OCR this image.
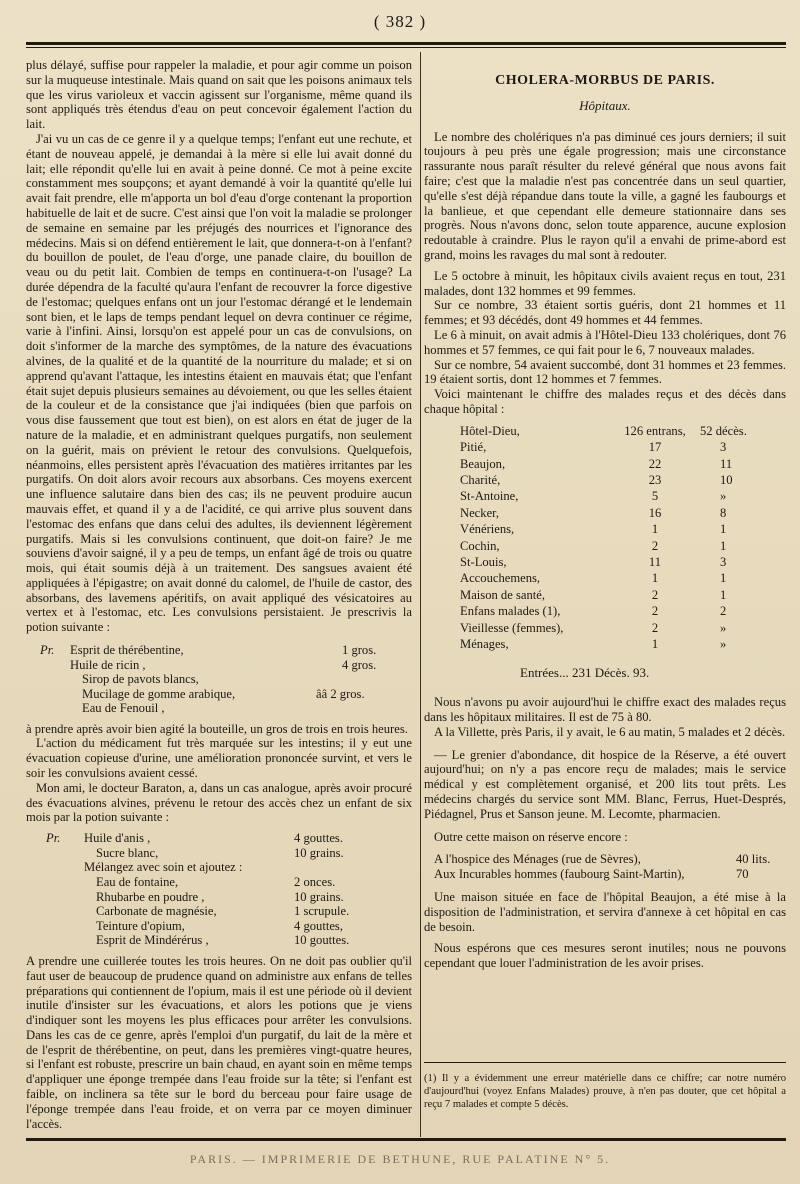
( 382 )

plus délayé, suffise pour rappeler la maladie, et pour agir comme un poison sur la muqueuse intestinale. Mais quand on sait que les poisons animaux tels que les virus varioleux et vaccin agissent sur l'organisme, même quand ils sont appliqués très étendus d'eau on peut concevoir également l'action du lait.

J'ai vu un cas de ce genre il y a quelque temps; l'enfant eut une rechute, et étant de nouveau appelé, je demandai à la mère si elle lui avait donné du lait; elle répondit qu'elle lui en avait à peine donné. Ce mot à peine excite constamment mes soupçons; et ayant demandé à voir la quantité qu'elle lui avait fait prendre, elle m'apporta un bol d'eau d'orge contenant la proportion habituelle de lait et de sucre. C'est ainsi que l'on voit la maladie se prolonger de semaine en semaine par les préjugés des nourrices et l'ignorance des médecins. Mais si on défend entièrement le lait, que donnera-t-on à l'enfant? du bouillon de poulet, de l'eau d'orge, une panade claire, du bouillon de veau ou du petit lait. Combien de temps en continuera-t-on l'usage? La durée dépendra de la faculté qu'aura l'enfant de recouvrer la force digestive de l'estomac; quelques enfans ont un jour l'estomac dérangé et le lendemain sont bien, et le laps de temps pendant lequel on devra continuer ce régime, varie à l'infini. Ainsi, lorsqu'on est appelé pour un cas de convulsions, on doit s'informer de la marche des symptômes, de la nature des évacuations alvines, de la qualité et de la quantité de la nourriture du malade; et si on apprend qu'avant l'attaque, les intestins étaient en mauvais état; que l'enfant était sujet depuis plusieurs semaines au dévoiement, ou que les selles étaient de la couleur et de la consistance que j'ai indiquées (bien que parfois on vous dise faussement que tout est bien), on est alors en état de juger de la nature de la maladie, et en administrant quelques purgatifs, non seulement on la guérit, mais on prévient le retour des convulsions. Quelquefois, néanmoins, elles persistent après l'évacuation des matières irritantes par les purgatifs. On doit alors avoir recours aux absorbans. Ces moyens exercent une influence salutaire dans bien des cas; ils ne peuvent produire aucun mauvais effet, et quand il y a de l'acidité, ce qui arrive plus souvent dans l'estomac des enfans que dans celui des adultes, ils deviennent légèrement purgatifs. Mais si les convulsions continuent, que doit-on faire? Je me souviens d'avoir saigné, il y a peu de temps, un enfant âgé de trois ou quatre mois, qui était soumis déjà à un traitement. Des sangsues avaient été appliquées à l'épigastre; on avait donné du calomel, de l'huile de castor, des absorbans, des lavemens apéritifs, on avait appliqué des vésicatoires au vertex et à l'estomac, etc. Les convulsions persistaient. Je prescrivis la potion suivante :

Pr.	Esprit de thérébentine,	1 gros.
Huile de ricin ,	4 gros.
Sirop de pavots blancs,
Mucilage de gomme arabique,	ââ 2 gros.
Eau de Fenouil ,

à prendre après avoir bien agité la bouteille, un gros de trois en trois heures.

L'action du médicament fut très marquée sur les intestins; il y eut une évacuation copieuse d'urine, une amélioration prononcée survint, et vers le soir les convulsions avaient cessé.

Mon ami, le docteur Baraton, a, dans un cas analogue, après avoir procuré des évacuations alvines, prévenu le retour des accès chez un enfant de six mois par la potion suivante :

Pr.	Huile d'anis ,	4 gouttes.
Sucre blanc,	10 grains.
Mélangez avec soin et ajoutez :
Eau de fontaine,	2 onces.
Rhubarbe en poudre ,	10 grains.
Carbonate de magnésie,	1 scrupule.
Teinture d'opium,	4 gouttes,
Esprit de Mindérérus ,	10 gouttes.

A prendre une cuillerée toutes les trois heures. On ne doit pas oublier qu'il faut user de beaucoup de prudence quand on administre aux enfans de telles préparations qui contiennent de l'opium, mais il est une période où il devient inutile d'insister sur les évacuations, et alors les potions que je viens d'indiquer sont les moyens les plus efficaces pour arrêter les convulsions. Dans les cas de ce genre, après l'emploi d'un purgatif, du lait de la mère et de l'esprit de thérébentine, on peut, dans les premières vingt-quatre heures, si l'enfant est robuste, prescrire un bain chaud, en ayant soin en même temps d'appliquer une éponge trempée dans l'eau froide sur la tête; si l'enfant est faible, on inclinera sa tête sur le bord du berceau pour faire usage de l'éponge trempée dans l'eau froide, et on verra par ce moyen diminuer l'accès.

CHOLERA-MORBUS DE PARIS.
Hôpitaux.

Le nombre des cholériques n'a pas diminué ces jours derniers; il suit toujours à peu près une égale progression; mais une circonstance rassurante nous paraît résulter du relevé général que nous avons fait faire; c'est que la maladie n'est pas concentrée dans un seul quartier, qu'elle s'est déjà répandue dans toute la ville, a gagné les faubourgs et la banlieue, et que cependant elle demeure stationnaire dans ses progrès. Nous n'avons donc, selon toute apparence, aucune explosion redoutable à craindre. Plus le rayon qu'il a envahi de prime-abord est grand, moins les ravages du mal sont à redouter.

Le 5 octobre à minuit, les hôpitaux civils avaient reçus en tout, 231 malades, dont 132 hommes et 99 femmes.

Sur ce nombre, 33 étaient sortis guéris, dont 21 hommes et 11 femmes; et 93 décédés, dont 49 hommes et 44 femmes.

Le 6 à minuit, on avait admis à l'Hôtel-Dieu 133 cholériques, dont 76 hommes et 57 femmes, ce qui fait pour le 6, 7 nouveaux malades.

Sur ce nombre, 54 avaient succombé, dont 31 hommes et 23 femmes. 19 étaient sortis, dont 12 hommes et 7 femmes.

Voici maintenant le chiffre des malades reçus et des décès dans chaque hôpital :

Hôtel-Dieu,	126 entrans,	52 décès.
Pitié,	17	3
Beaujon,	22	11
Charité,	23	10
St-Antoine,	5	»
Necker,	16	8
Vénériens,	1	1
Cochin,	2	1
St-Louis,	11	3
Accouchemens,	1	1
Maison de santé,	2	1
Enfans malades (1),	2	2
Vieillesse (femmes),	2	»
Ménages,	1	»
Entrées... 231 Décès. 93.

Nous n'avons pu avoir aujourd'hui le chiffre exact des malades reçus dans les hôpitaux militaires. Il est de 75 à 80.

A la Villette, près Paris, il y avait, le 6 au matin, 5 malades et 2 décès.

— Le grenier d'abondance, dit hospice de la Réserve, a été ouvert aujourd'hui; on n'y a pas encore reçu de malades; mais le service médical y est complètement organisé, et 200 lits tout prêts. Les médecins chargés du service sont MM. Blanc, Ferrus, Huet-Després, Piédagnel, Prus et Sanson jeune. M. Lecomte, pharmacien.

Outre cette maison on réserve encore :

A l'hospice des Ménages (rue de Sèvres),	40 lits.
Aux Incurables hommes (faubourg Saint-Martin),	70

Une maison située en face de l'hôpital Beaujon, a été mise à la disposition de l'administration, et servira d'annexe à cet hôpital en cas de besoin.

Nous espérons que ces mesures seront inutiles; nous ne pouvons cependant que louer l'administration de les avoir prises.

(1) Il y a évidemment une erreur matérielle dans ce chiffre; car notre numéro d'aujourd'hui (voyez Enfans Malades) prouve, à n'en pas douter, que cet hôpital a reçu 7 malades et compte 5 décès.
PARIS. — IMPRIMERIE DE BETHUNE, RUE PALATINE N° 5.
